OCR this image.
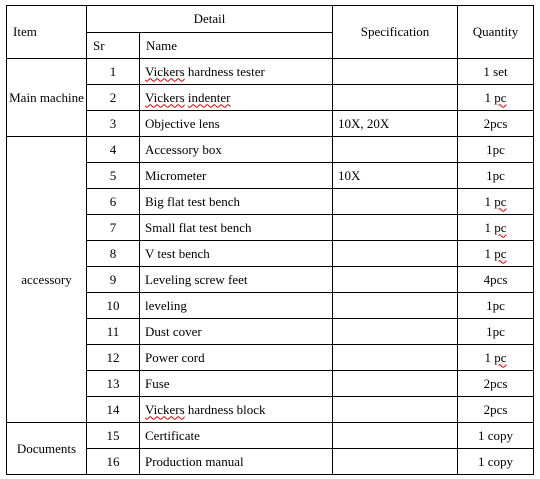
Item	Detail		Specification	Quantity
	Sr	Name		
Main machine	1	Vickers hardness tester		1 set
	2	Vickers indenter		1 pc
	3	Objective lens	10X, 20X	2pcs
accessory	4	Accessory box		1pc
	5	Micrometer	10X	1pc
	6	Big flat test bench		1 pc
	7	Small flat test bench		1 pc
	8	V test bench		1 pc
	9	Leveling screw feet		4pcs
	10	leveling		1pc
	11	Dust cover		1pc
	12	Power cord		1 pc
	13	Fuse		2pcs
	14	Vickers hardness block		2pcs
Documents	15	Certificate		1 copy
	16	Production manual		1 copy
